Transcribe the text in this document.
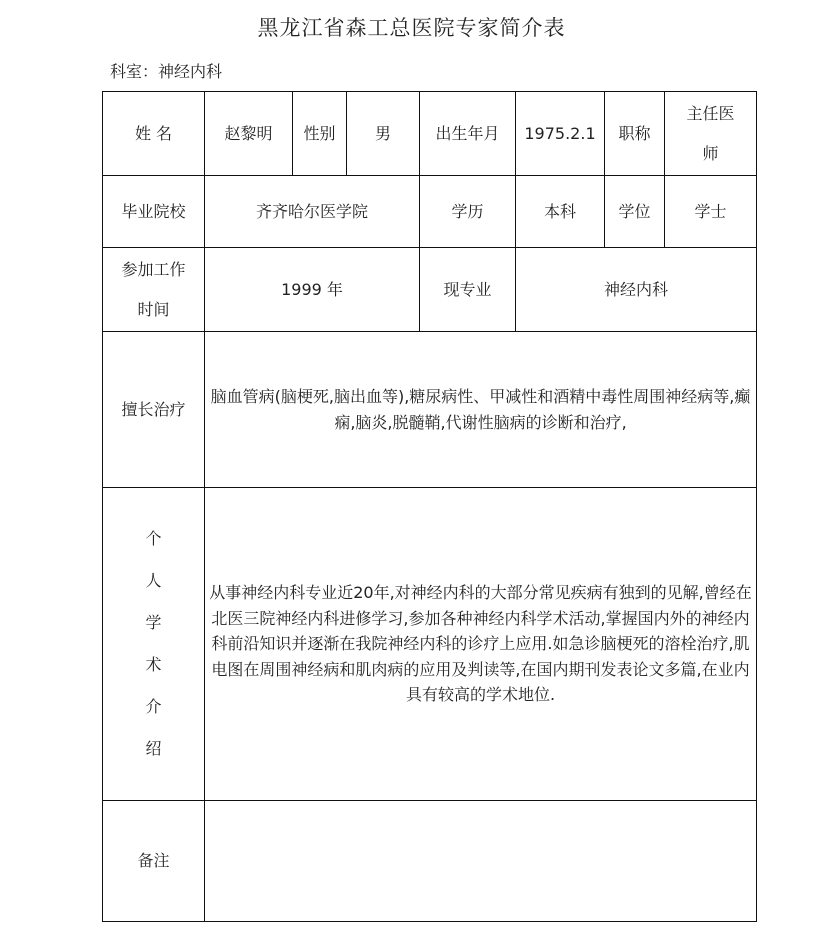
黑龙江省森工总医院专家简介表
科室：神经内科
姓 名	赵黎明	性别	男	出生年月	1975.2.1	职称	主任医
师

毕业院校	齐齐哈尔医学院			学历	本科	学位	学士

参加工作
时间	1999 年			现专业	神经内科		
擅长治疗	脑血管病(脑梗死,脑出血等),糖尿病性、甲减性和酒精中毒性周围神经病等,癫痫,脑炎,脱髓鞘,代谢性脑病的诊断和治疗,						

个
人
学
术
介
绍
	从事神经内科专业近20年,对神经内科的大部分常见疾病有独到的见解,曾经在北医三院神经内科进修学习,参加各种神经内科学术活动,掌握国内外的神经内科前沿知识并逐渐在我院神经内科的诊疗上应用.如急诊脑梗死的溶栓治疗,肌电图在周围神经病和肌肉病的应用及判读等,在国内期刊发表论文多篇,在业内具有较高的学术地位.
备注							
